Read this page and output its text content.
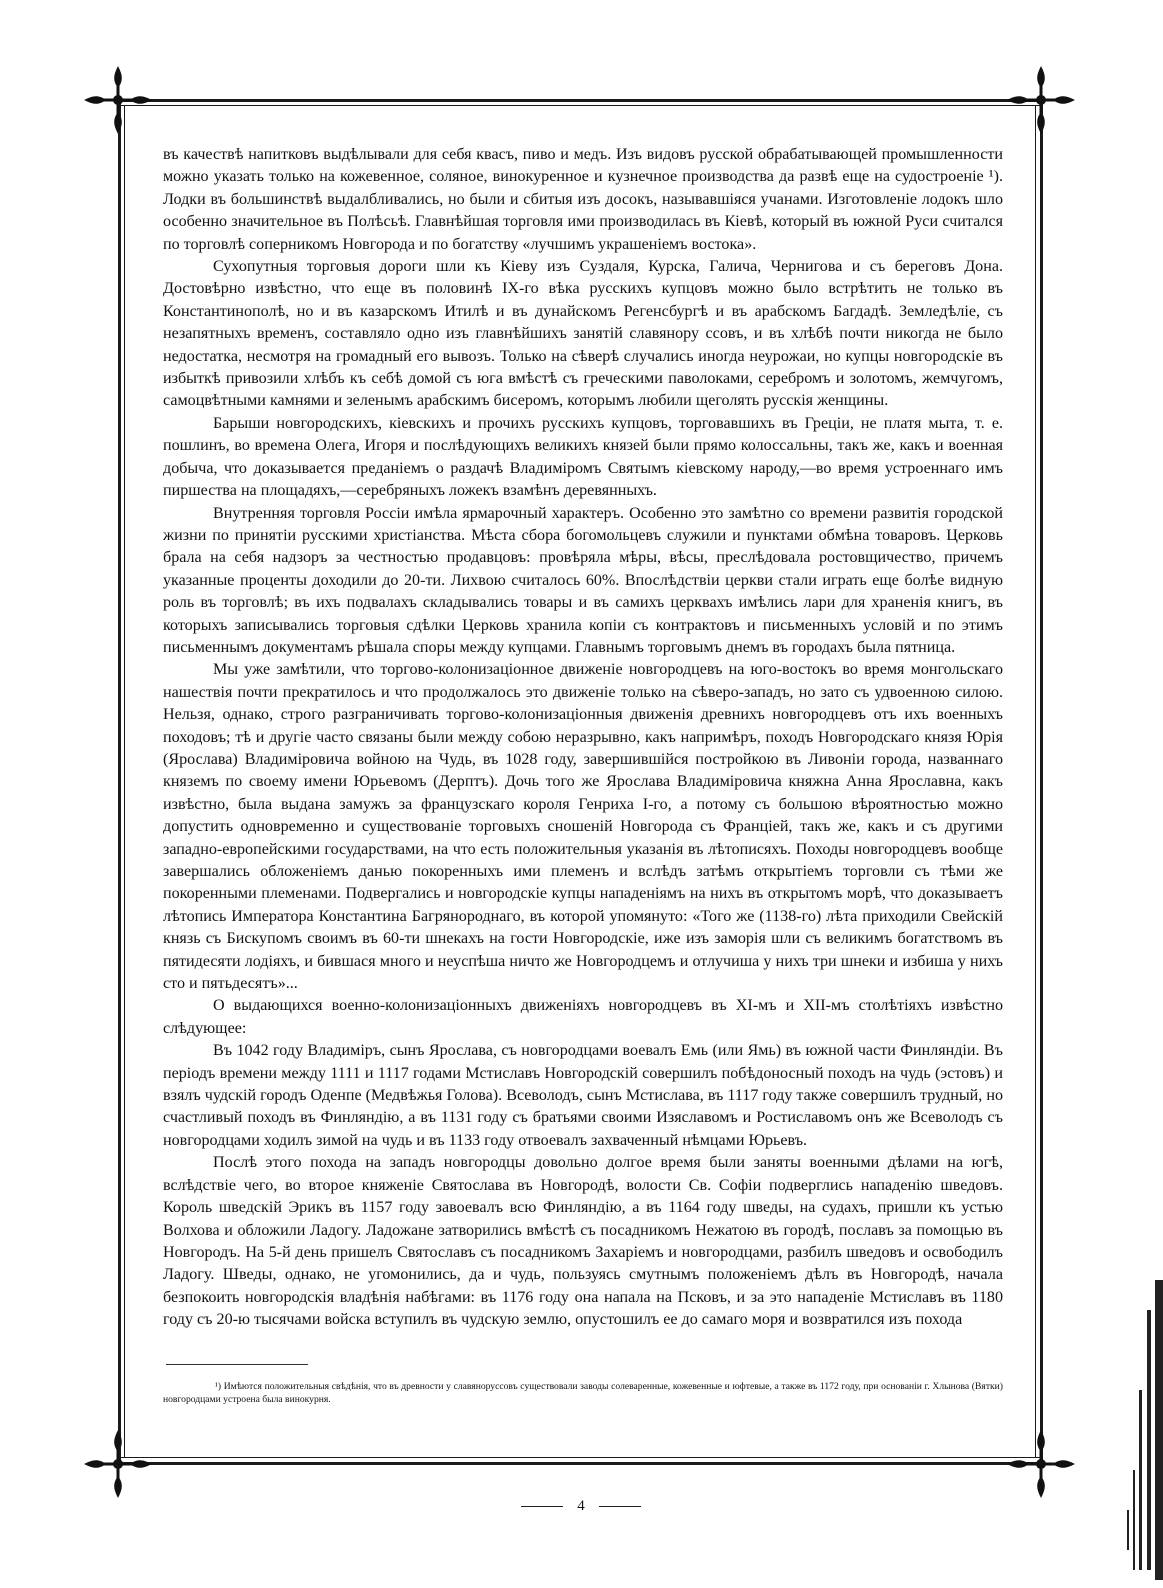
въ качествѣ напитковъ выдѣлывали для себя квасъ, пиво и медъ. Изъ видовъ русской обрабатывающей промышленности можно указать только на кожевенное, соляное, винокуренное и кузнечное производства да развѣ еще на судостроеніе ¹). Лодки въ большинствѣ выдалбливались, но были и сбитыя изъ досокъ, называвшіяся учанами. Изготовленіе лодокъ шло особенно значительное въ Полѣсьѣ. Главнѣйшая торговля ими производилась въ Кіевѣ, который въ южной Руси считался по торговлѣ соперникомъ Новгорода и по богатству «лучшимъ украшеніемъ востока».

Сухопутныя торговыя дороги шли къ Кіеву изъ Суздаля, Курска, Галича, Чернигова и съ береговъ Дона. Достовѣрно извѣстно, что еще въ половинѣ IX-го вѣка русскихъ купцовъ можно было встрѣтить не только въ Константинополѣ, но и въ казарскомъ Итилѣ и въ дунайскомъ Регенсбургѣ и въ арабскомъ Багдадѣ. Земледѣліе, съ незапятныхъ временъ, составляло одно изъ главнѣйшихъ занятій славянору ссовъ, и въ хлѣбѣ почти никогда не было недостатка, несмотря на громадный его вывозъ. Только на сѣверѣ случались иногда неурожаи, но купцы новгородскіе въ избыткѣ привозили хлѣбъ къ себѣ домой съ юга вмѣстѣ съ греческими паволоками, серебромъ и золотомъ, жемчугомъ, самоцвѣтными камнями и зеленымъ арабскимъ бисеромъ, которымъ любили щеголять русскія женщины.

Барыши новгородскихъ, кіевскихъ и прочихъ русскихъ купцовъ, торговавшихъ въ Греціи, не платя мыта, т. е. пошлинъ, во времена Олега, Игоря и послѣдующихъ великихъ князей были прямо колоссальны, такъ же, какъ и военная добыча, что доказывается преданіемъ о раздачѣ Владиміромъ Святымъ кіевскому народу,—во время устроеннаго имъ пиршества на площадяхъ,—серебряныхъ ложекъ взамѣнъ деревянныхъ.

Внутренняя торговля Россіи имѣла ярмарочный характеръ. Особенно это замѣтно со времени развитія городской жизни по принятіи русскими христіанства. Мѣста сбора богомольцевъ служили и пунктами обмѣна товаровъ. Церковь брала на себя надзоръ за честностью продавцовъ: провѣряла мѣры, вѣсы, преслѣдовала ростовщичество, причемъ указанные проценты доходили до 20-ти. Лихвою считалось 60%. Впослѣдствіи церкви стали играть еще болѣе видную роль въ торговлѣ; въ ихъ подвалахъ складывались товары и въ самихъ церквахъ имѣлись лари для храненія книгъ, въ которыхъ записывались торговыя сдѣлки Церковь хранила копіи съ контрактовъ и письменныхъ условій и по этимъ письменнымъ документамъ рѣшала споры между купцами. Главнымъ торговымъ днемъ въ городахъ была пятница.

Мы уже замѣтили, что торгово-колонизаціонное движеніе новгородцевъ на юго-востокъ во время монгольскаго нашествія почти прекратилось и что продолжалось это движеніе только на сѣверо-западъ, но зато съ удвоенною силою. Нельзя, однако, строго разграничивать торгово-колонизаціонныя движенія древнихъ новгородцевъ отъ ихъ военныхъ походовъ; тѣ и другіе часто связаны были между собою неразрывно, какъ напримѣръ, походъ Новгородскаго князя Юрія (Ярослава) Владиміровича войною на Чудь, въ 1028 году, завершившійся постройкою въ Ливоніи города, названнаго княземъ по своему имени Юрьевомъ (Дерптъ). Дочь того же Ярослава Владиміровича княжна Анна Ярославна, какъ извѣстно, была выдана замужъ за французскаго короля Генриха I-го, а потому съ большою вѣроятностью можно допустить одновременно и существованіе торговыхъ сношеній Новгорода съ Франціей, такъ же, какъ и съ другими западно-европейскими государствами, на что есть положительныя указанія въ лѣтописяхъ. Походы новгородцевъ вообще завершались обложеніемъ данью покоренныхъ ими племенъ и вслѣдъ затѣмъ открытіемъ торговли съ тѣми же покоренными племенами. Подвергались и новгородскіе купцы нападеніямъ на нихъ въ открытомъ морѣ, что доказываетъ лѣтопись Императора Константина Багрянороднаго, въ которой упомянуто: «Того же (1138-го) лѣта приходили Свейскій князь съ Бискупомъ своимъ въ 60-ти шнекахъ на гости Новгородскіе, иже изъ заморія шли съ великимъ богатствомъ въ пятидесяти лодіяхъ, и бившася много и неуспѣша ничто же Новгородцемъ и отлучиша у нихъ три шнеки и избиша у нихъ сто и пятьдесятъ»...

О выдающихся военно-колонизаціонныхъ движеніяхъ новгородцевъ въ XI-мъ и XII-мъ столѣтіяхъ извѣстно слѣдующее:

Въ 1042 году Владиміръ, сынъ Ярослава, съ новгородцами воевалъ Емь (или Ямь) въ южной части Финляндіи. Въ періодъ времени между 1111 и 1117 годами Мстиславъ Новгородскій совершилъ побѣдоносный походъ на чудь (эстовъ) и взялъ чудскій городъ Оденпе (Медвѣжья Голова). Всеволодъ, сынъ Мстислава, въ 1117 году также совершилъ трудный, но счастливый походъ въ Финляндію, а въ 1131 году съ братьями своими Изяславомъ и Ростиславомъ онъ же Всеволодъ съ новгородцами ходилъ зимой на чудь и въ 1133 году отвоевалъ захваченный нѣмцами Юрьевъ.

Послѣ этого похода на западъ новгородцы довольно долгое время были заняты военными дѣлами на югѣ, вслѣдствіе чего, во второе княженіе Святослава въ Новгородѣ, волости Св. Софіи подверглись нападенію шведовъ. Король шведскій Эрикъ въ 1157 году завоевалъ всю Финляндію, а въ 1164 году шведы, на судахъ, пришли къ устью Волхова и обложили Ладогу. Ладожане затворились вмѣстѣ съ посадникомъ Нежатою въ городѣ, пославъ за помощью въ Новгородъ. На 5-й день пришелъ Святославъ съ посадникомъ Захаріемъ и новгородцами, разбилъ шведовъ и освободилъ Ладогу. Шведы, однако, не угомонились, да и чудь, пользуясь смутнымъ положеніемъ дѣлъ въ Новгородѣ, начала безпокоить новгородскія владѣнія набѣгами: въ 1176 году она напала на Псковъ, и за это нападеніе Мстиславъ въ 1180 году съ 20-ю тысячами войска вступилъ въ чудскую землю, опустошилъ ее до самаго моря и возвратился изъ похода

¹) Имѣются положительныя свѣдѣнія, что въ древности у славяноруссовъ существовали заводы солеваренные, кожевенные и юфтевые, а также въ 1172 году, при основаніи г. Хлынова (Вятки) новгородцами устроена была винокурня.

4
